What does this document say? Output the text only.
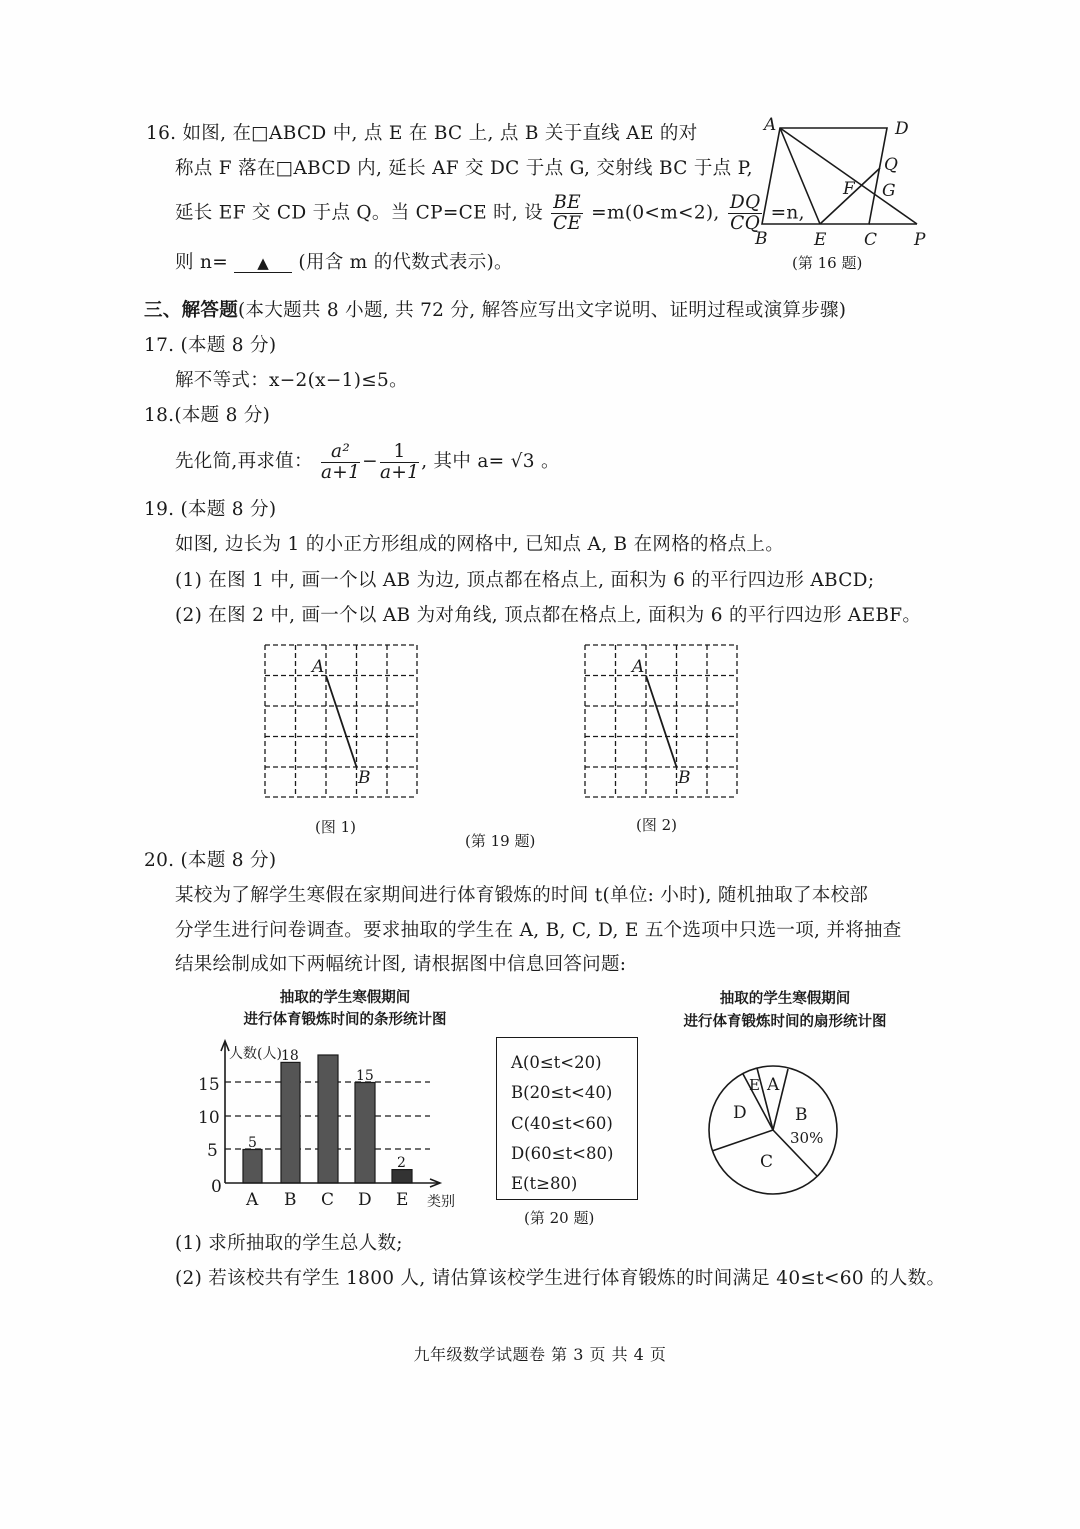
16. 如图, 在□ABCD 中, 点 E 在 BC 上, 点 B 关于直线 AE 的对
称点 F 落在□ABCD 内, 延长 AF 交 DC 于点 G, 交射线 BC 于点 P,
延长 EF 交 CD 于点 Q。当 CP=CE 时, 设 $\frac{BE}{CE} =m(0<m<2)$, $\frac{DQ}{CQ} =n$,
则 n= ▲ (用含 m 的代数式表示)。
A	D
B	E C P
Q
F G
(第 16 题)
三、解答题(本大题共 8 小题, 共 72 分, 解答应写出文字说明、证明过程或演算步骤)
17. (本题 8 分)
解不等式：x−2(x−1)≤5。
18.(本题 8 分)
先化简,再求值： $\frac{\text{a²}}{a+1} - \frac{1}{a+1}$ , 其中 a= √3 。
19. (本题 8 分)
如图, 边长为 1 的小正方形组成的网格中, 已知点 A, B 在网格的格点上。
(1) 在图 1 中, 画一个以 AB 为边, 顶点都在格点上, 面积为 6 的平行四边形 ABCD;
(2) 在图 2 中, 画一个以 AB 为对角线, 顶点都在格点上, 面积为 6 的平行四边形 AEBF。
A
B
(图 1)
A
B
(图 2)
(第 19 题)
20. (本题 8 分)
某校为了解学生寒假在家期间进行体育锻炼的时间 t(单位: 小时), 随机抽取了本校部
分学生进行问卷调查。要求抽取的学生在 A, B, C, D, E 五个选项中只选一项, 并将抽查
结果绘制成如下两幅统计图, 请根据图中信息回答问题:
抽取的学生寒假期间
进行体育锻炼时间的条形统计图
15
10
5
0
A B C D E
人数(人)
类别
5
18
15
2
A(0≤t<20)
B(20≤t<40)
C(40≤t<60)
D(60≤t<80)
E(t≥80)
(第 20 题)
抽取的学生寒假期间
进行体育锻炼时间的扇形统计图
A
B
C
D
E
30%
(1) 求所抽取的学生总人数;
(2) 若该校共有学生 1800 人, 请估算该校学生进行体育锻炼的时间满足 40≤t<60 的人数。
九年级数学试题卷 第 3 页 共 4 页
